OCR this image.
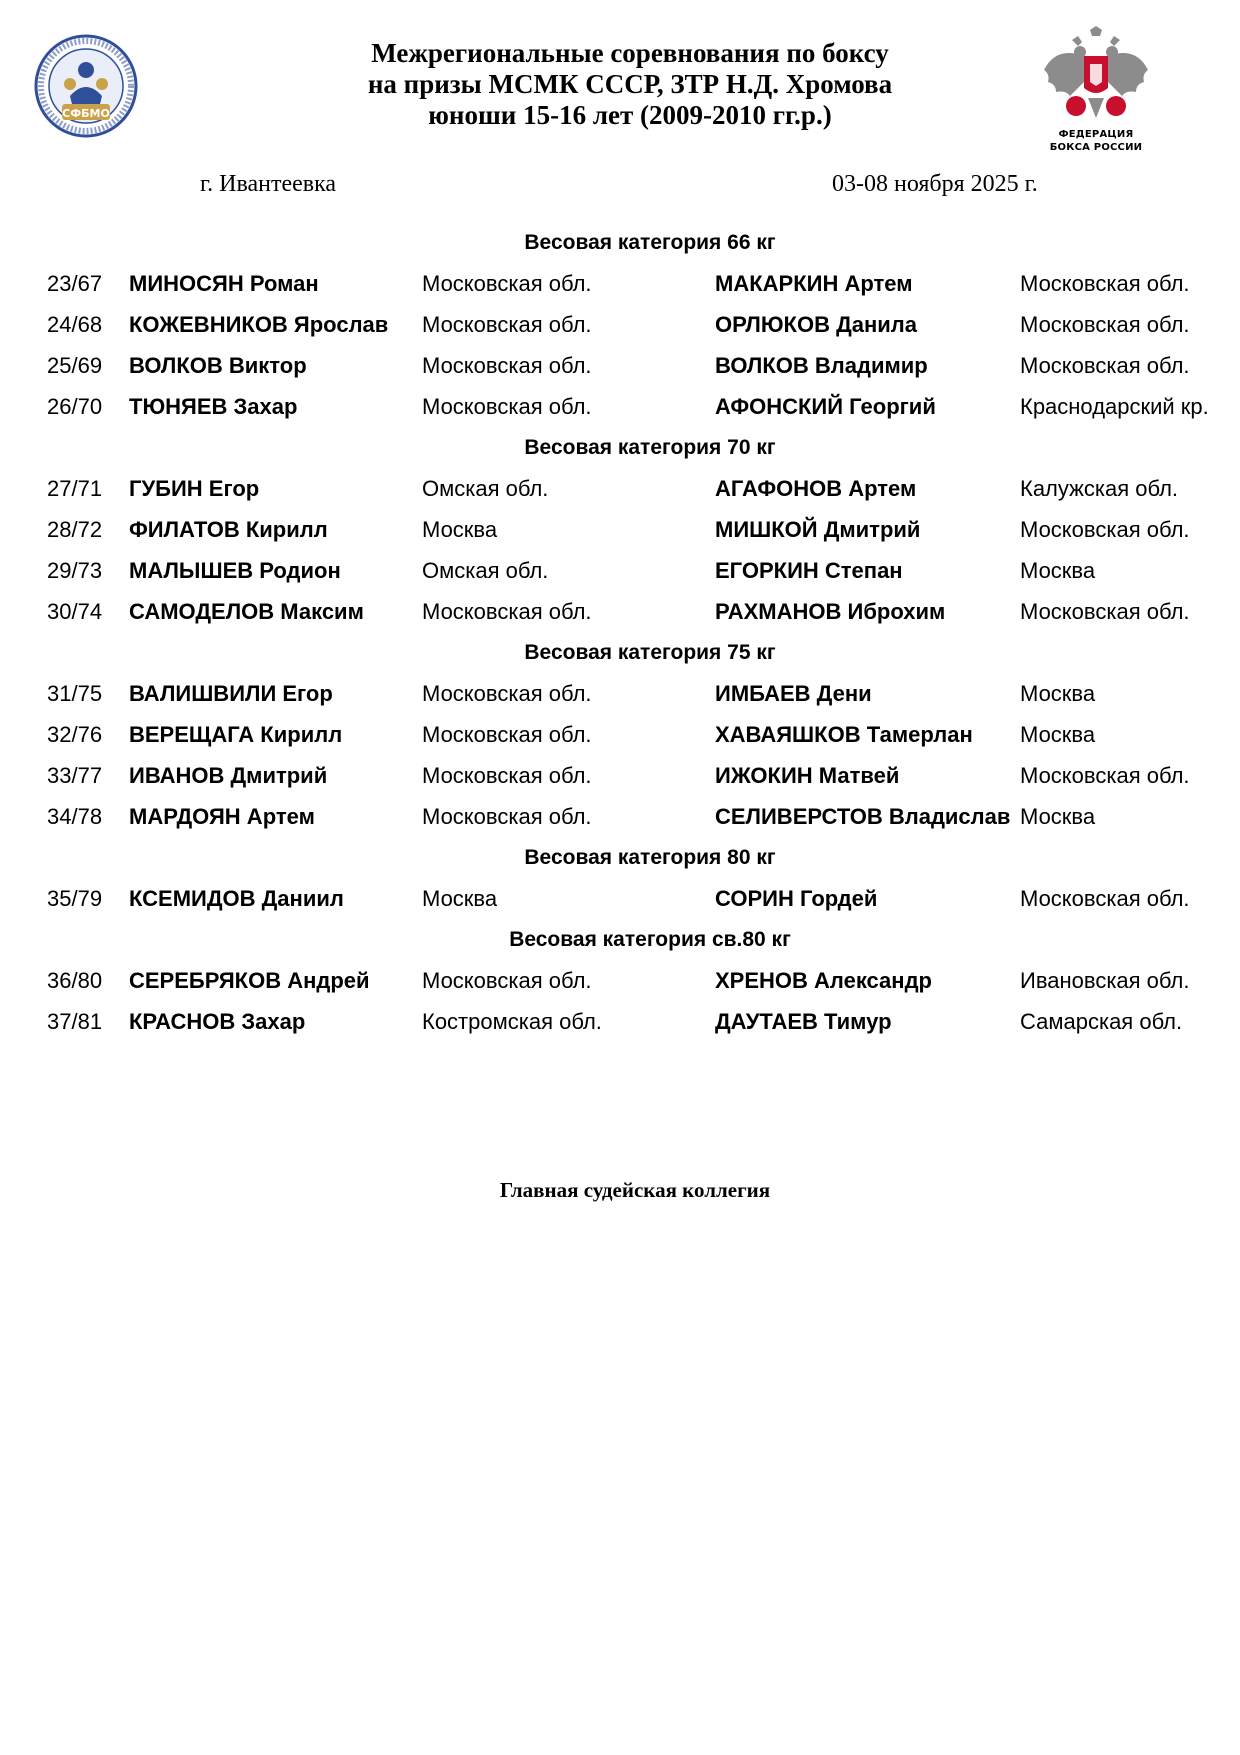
СФБМО
Межрегиональные соревнования по боксу
на призы МСМК СССР, ЗТР Н.Д. Хромова
юноши 15-16 лет (2009-2010 гг.р.)
ФЕДЕРАЦИЯ
БОКСА РОССИИ
г. Ивантеевка	03-08 ноября 2025 г.
Весовая категория 66 кг
23/67 МИНОСЯН Роман	Московская обл.	МАКАРКИН Артем	Московская обл.
24/68 КОЖЕВНИКОВ Ярослав Московская обл.	ОРЛЮКОВ Данила	Московская обл.
25/69 ВОЛКОВ Виктор	Московская обл.	ВОЛКОВ Владимир	Московская обл.
26/70 ТЮНЯЕВ Захар	Московская обл.	АФОНСКИЙ Георгий	Краснодарский кр.
Весовая категория 70 кг
27/71 ГУБИН Егор	Омская обл.	АГАФОНОВ Артем	Калужская обл.
28/72 ФИЛАТОВ Кирилл	Москва	МИШКОЙ Дмитрий	Московская обл.
29/73 МАЛЫШЕВ Родион	Омская обл.	ЕГОРКИН Степан	Москва
30/74 САМОДЕЛОВ Максим	Московская обл.	РАХМАНОВ Иброхим	Московская обл.
Весовая категория 75 кг
31/75 ВАЛИШВИЛИ Егор	Московская обл.	ИМБАЕВ Дени	Москва
32/76 ВЕРЕЩАГА Кирилл	Московская обл.	ХАВАЯШКОВ Тамерлан Москва
33/77 ИВАНОВ Дмитрий	Московская обл.	ИЖОКИН Матвей	Московская обл.
34/78 МАРДОЯН Артем	Московская обл.	СЕЛИВЕРСТОВ Владислав Москва
Весовая категория 80 кг
35/79 КСЕМИДОВ Даниил	Москва	СОРИН Гордей	Московская обл.
Весовая категория св.80 кг
36/80 СЕРЕБРЯКОВ Андрей Московская обл.	ХРЕНОВ Александр	Ивановская обл.
37/81 КРАСНОВ Захар	Костромская обл.	ДАУТАЕВ Тимур	Самарская обл.
Главная судейская коллегия
